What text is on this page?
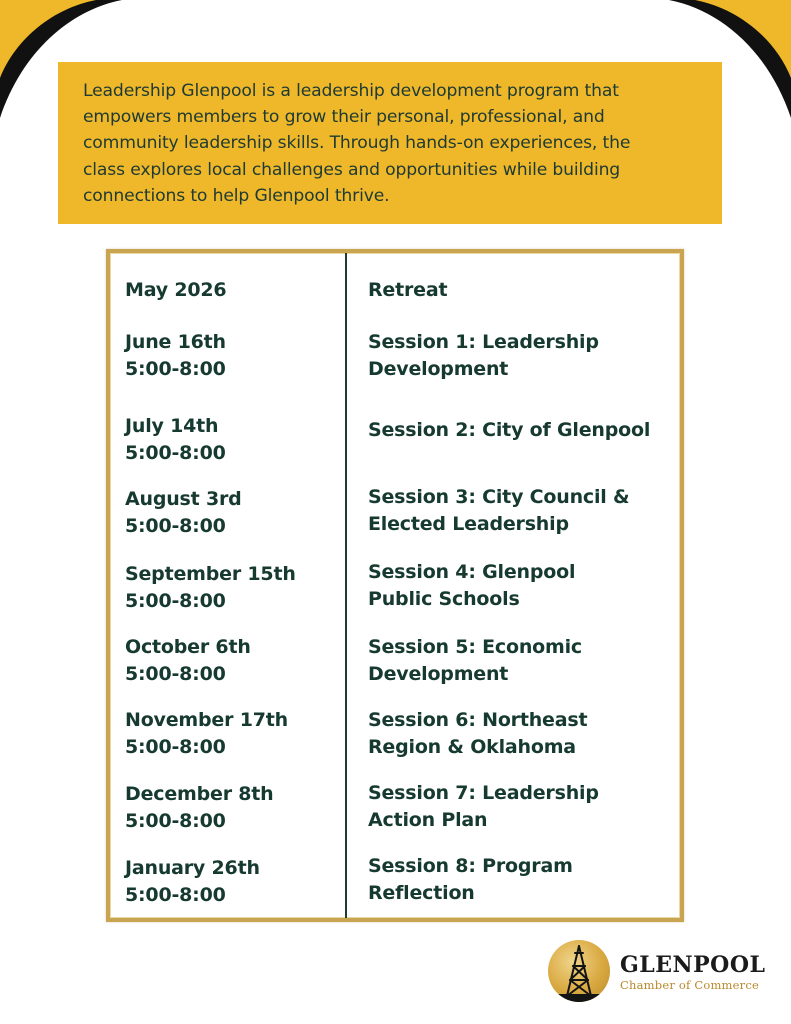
Leadership Glenpool is a leadership development program that
empowers members to grow their personal, professional, and
community leadership skills. Through hands-on experiences, the
class explores local challenges and opportunities while building
connections to help Glenpool thrive.

May 2026	Retreat
June 16th
5:00-8:00
Session 1: Leadership
Development
July 14th
5:00-8:00
Session 2: City of Glenpool
August 3rd
5:00-8:00
Session 3: City Council &
Elected Leadership
September 15th
5:00-8:00
Session 4: Glenpool
Public Schools
October 6th
5:00-8:00
Session 5: Economic
Development
November 17th
5:00-8:00
Session 6: Northeast
Region & Oklahoma
December 8th
5:00-8:00
Session 7: Leadership
Action Plan
January 26th
5:00-8:00
Session 8: Program
Reflection
GLENPOOL
Chamber of Commerce
